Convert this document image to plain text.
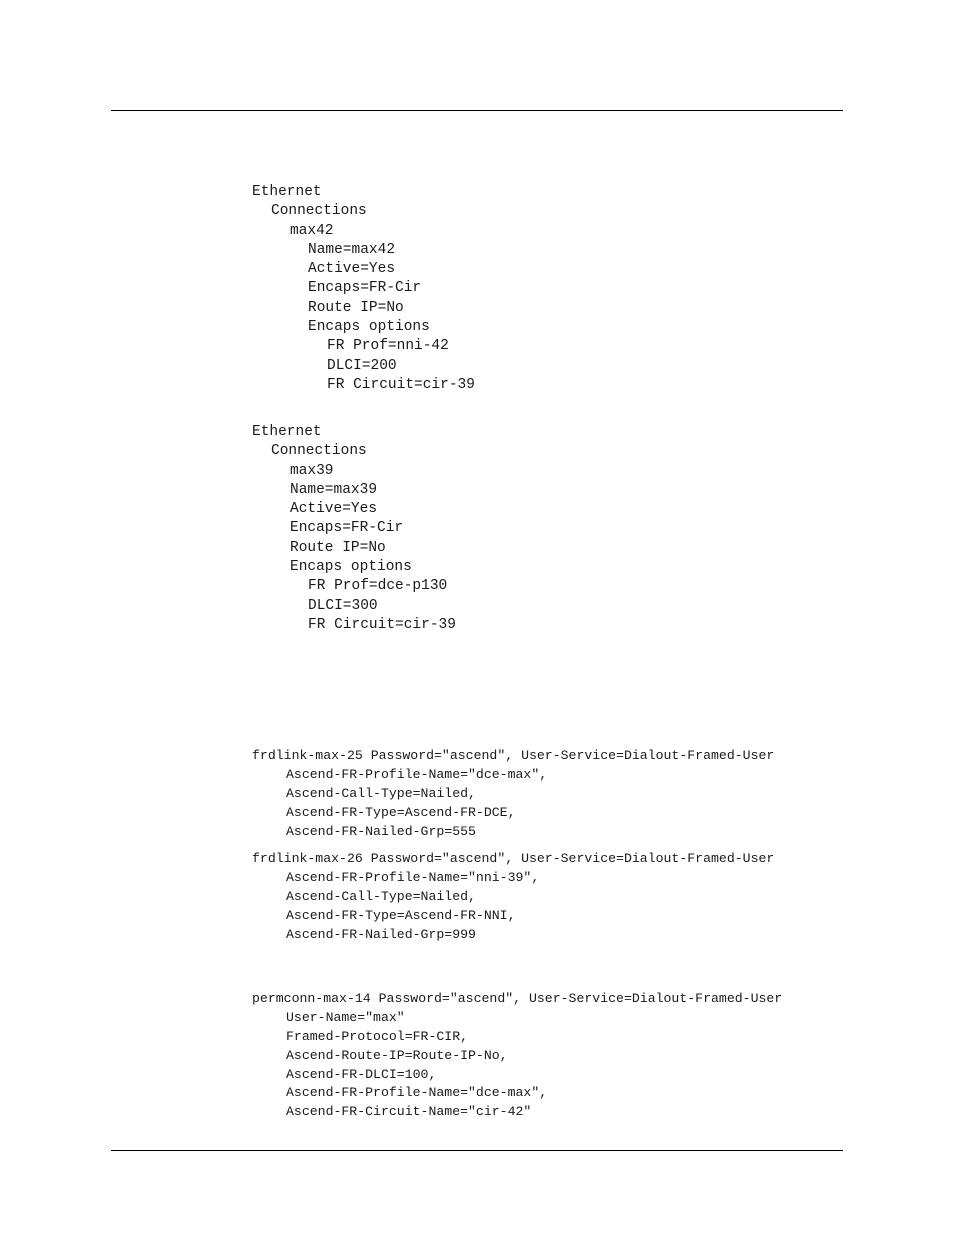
Ethernet
Connections
max42
Name=max42
Active=Yes
Encaps=FR-Cir
Route IP=No
Encaps options
FR Prof=nni-42
DLCI=200
FR Circuit=cir-39
Ethernet
Connections
max39
Name=max39
Active=Yes
Encaps=FR-Cir
Route IP=No
Encaps options
FR Prof=dce-p130
DLCI=300
FR Circuit=cir-39
frdlink-max-25 Password="ascend", User-Service=Dialout-Framed-User
Ascend-FR-Profile-Name="dce-max",
Ascend-Call-Type=Nailed,
Ascend-FR-Type=Ascend-FR-DCE,
Ascend-FR-Nailed-Grp=555
frdlink-max-26 Password="ascend", User-Service=Dialout-Framed-User
Ascend-FR-Profile-Name="nni-39",
Ascend-Call-Type=Nailed,
Ascend-FR-Type=Ascend-FR-NNI,
Ascend-FR-Nailed-Grp=999
permconn-max-14 Password="ascend", User-Service=Dialout-Framed-User
User-Name="max"
Framed-Protocol=FR-CIR,
Ascend-Route-IP=Route-IP-No,
Ascend-FR-DLCI=100,
Ascend-FR-Profile-Name="dce-max",
Ascend-FR-Circuit-Name="cir-42"
